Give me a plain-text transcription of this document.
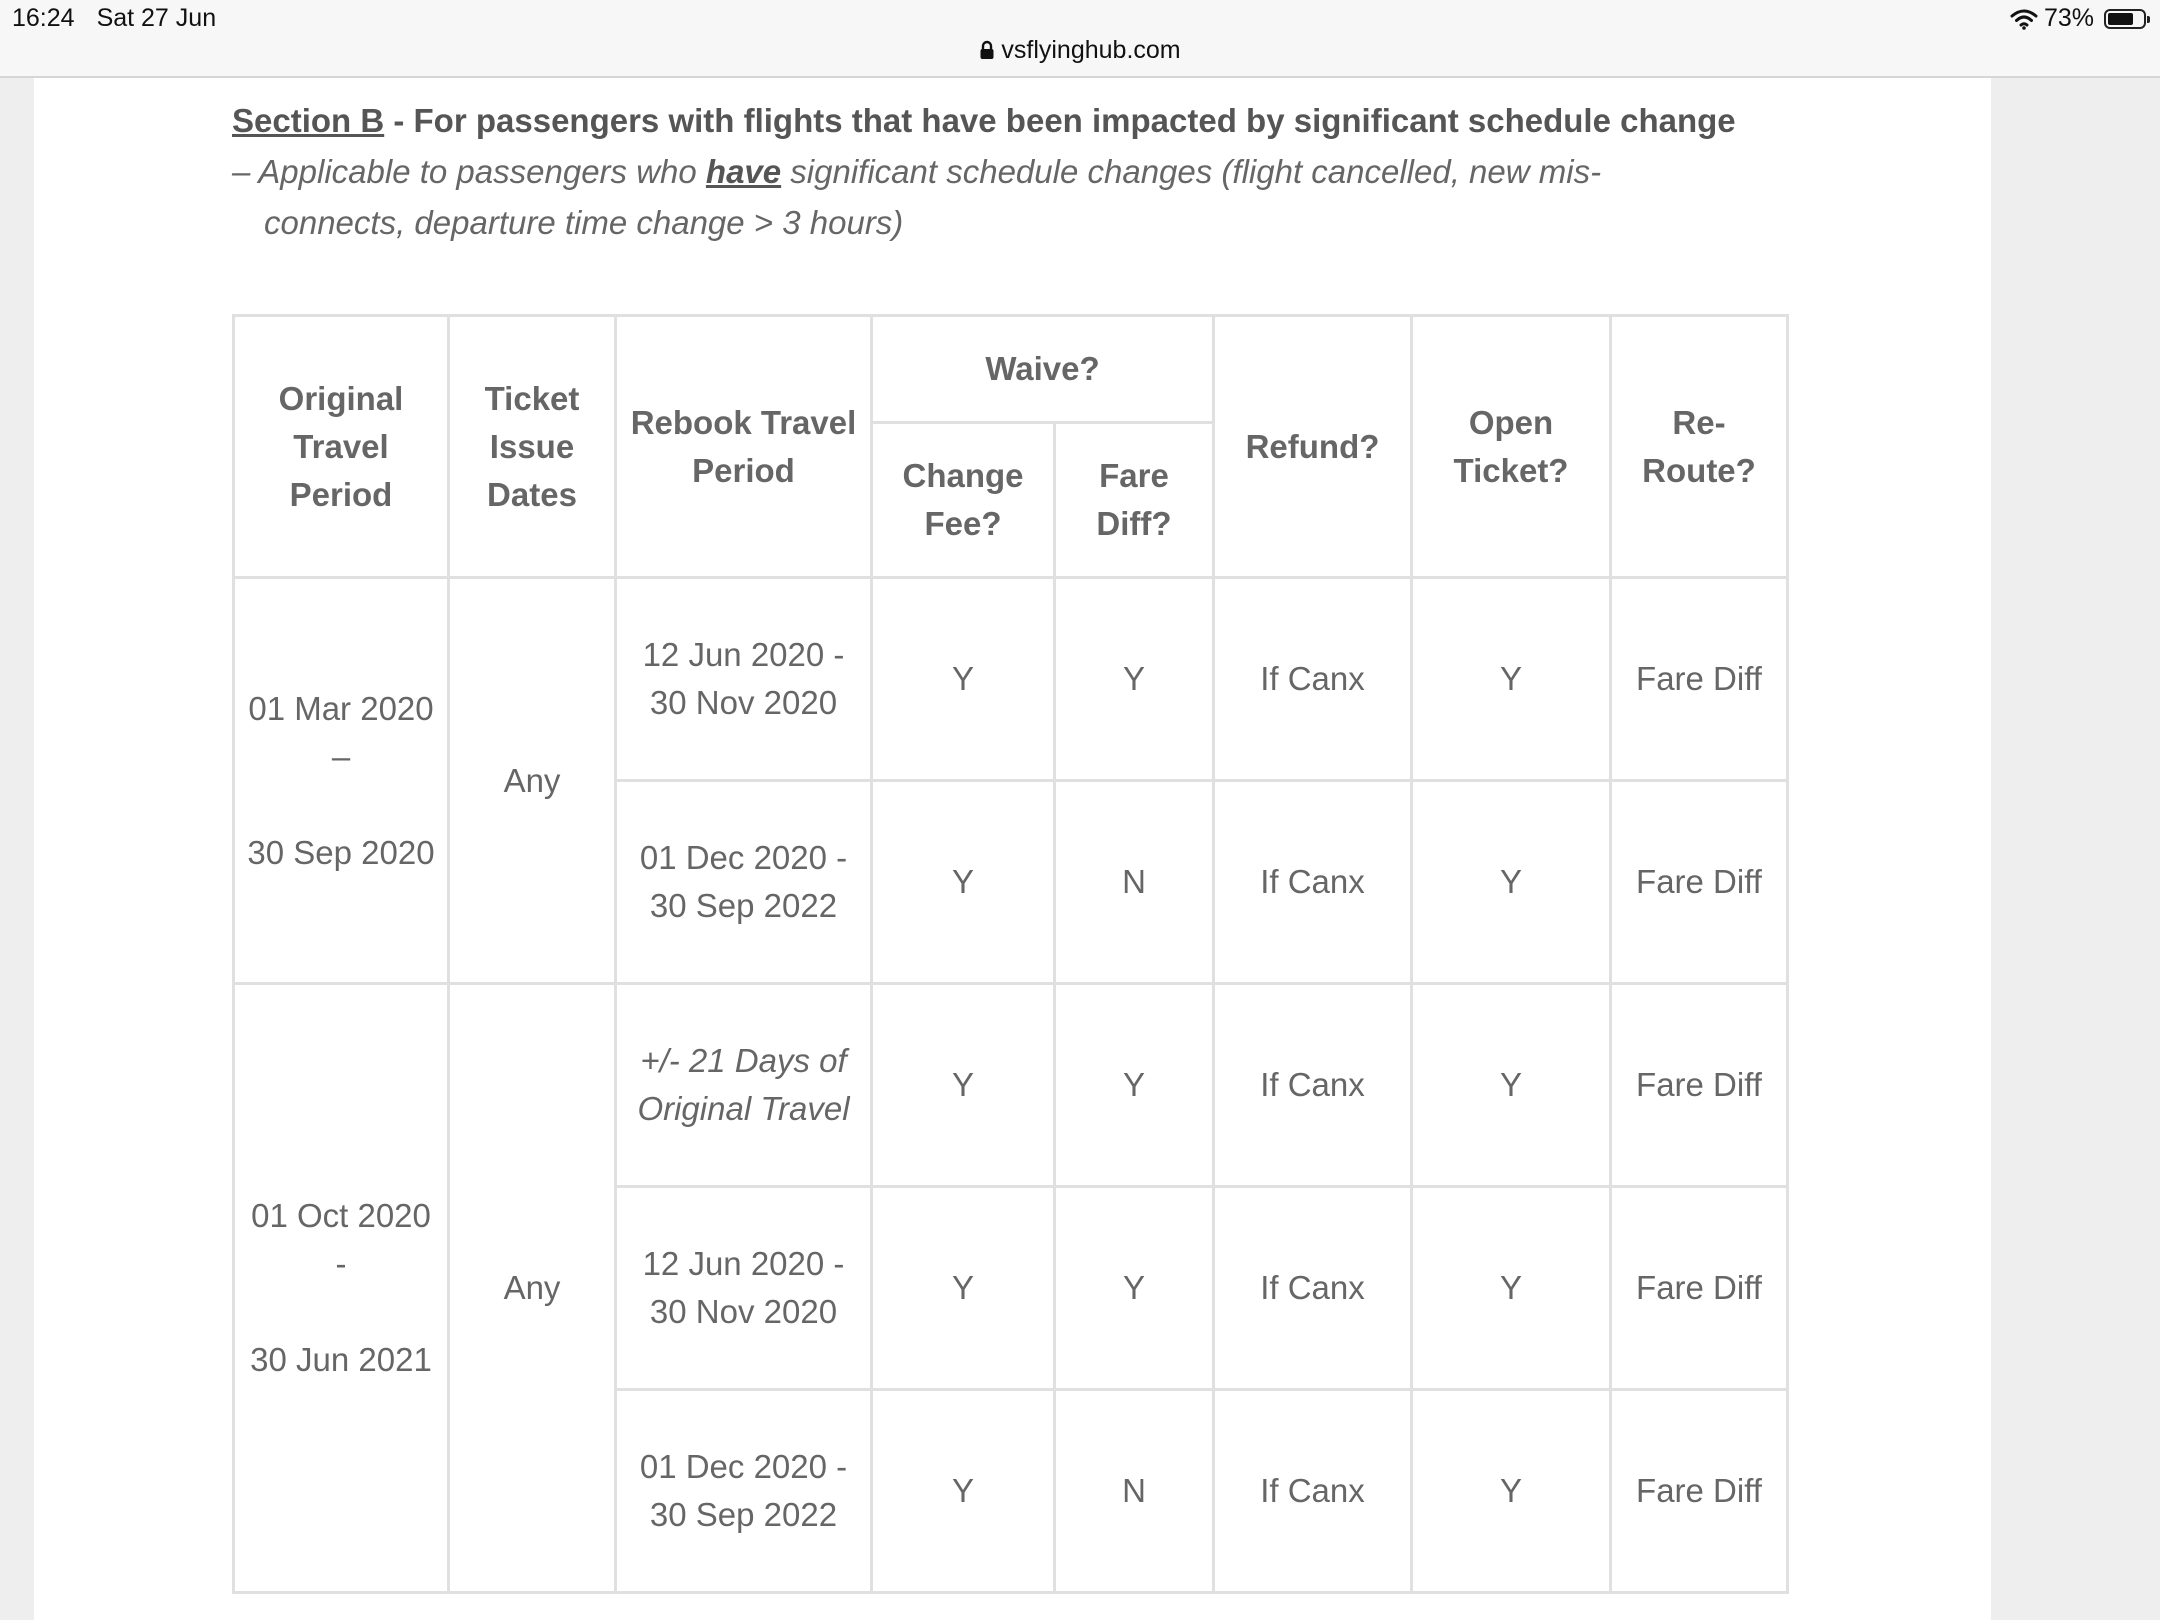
16:24 Sat 27 Jun	73%
vsflyinghub.com
Section B - For passengers with flights that have been impacted by significant schedule change
– Applicable to passengers who have significant schedule changes (flight cancelled, new mis-connects, departure time change > 3 hours)
Original Travel Period	Ticket Issue Dates	Rebook Travel Period	Waive?		Refund?	Open Ticket?	Re-Route?
			Change Fee?	Fare Diff?			
01 Mar 2020 –
30 Sep 2020	Any	12 Jun 2020 - 30 Nov 2020	Y	Y	If Canx	Y	Fare Diff
		01 Dec 2020 - 30 Sep 2022	Y	N	If Canx	Y	Fare Diff
01 Oct 2020 -
30 Jun 2021	Any	+/- 21 Days of Original Travel	Y	Y	If Canx	Y	Fare Diff
		12 Jun 2020 - 30 Nov 2020	Y	Y	If Canx	Y	Fare Diff
		01 Dec 2020 - 30 Sep 2022	Y	N	If Canx	Y	Fare Diff
